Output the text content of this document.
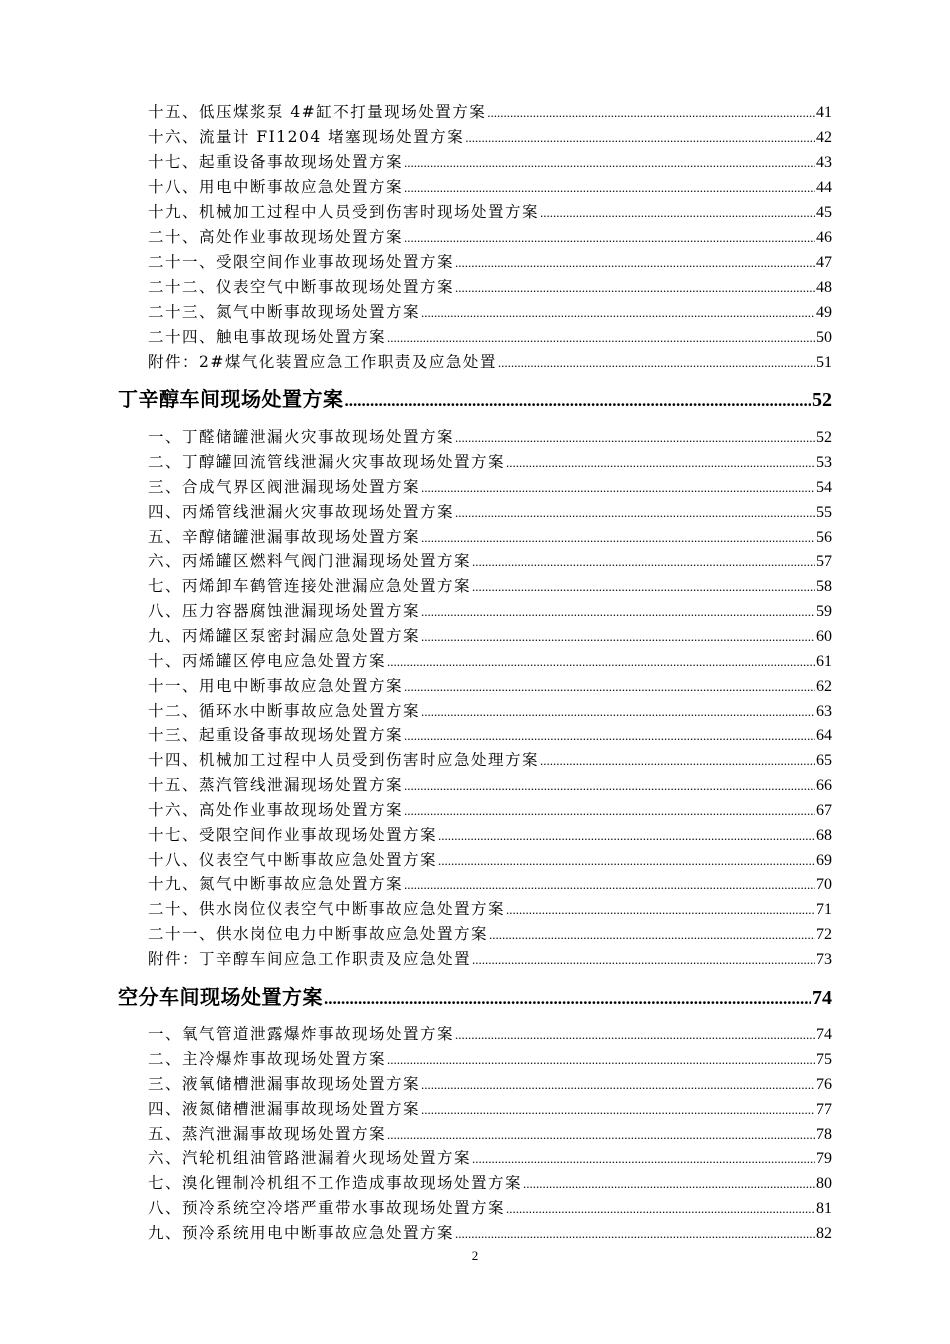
十五、低压煤浆泵 4#缸不打量现场处置方案 .....	41
十六、流量计 FI1204 堵塞现场处置方案 .....	42
十七、起重设备事故现场处置方案 .....	43
十八、用电中断事故应急处置方案 .....	44
十九、机械加工过程中人员受到伤害时现场处置方案 .....	45
二十、高处作业事故现场处置方案 .....	46
二十一、受限空间作业事故现场处置方案 .....	47
二十二、仪表空气中断事故现场处置方案 .....	48
二十三、氮气中断事故现场处置方案 .....	49
二十四、触电事故现场处置方案 .....	50
附件：2#煤气化装置应急工作职责及应急处置 .....	51
丁辛醇车间现场处置方案 .....	52
一、丁醛储罐泄漏火灾事故现场处置方案 .....	52
二、丁醇罐回流管线泄漏火灾事故现场处置方案 .....	53
三、合成气界区阀泄漏现场处置方案 .....	54
四、丙烯管线泄漏火灾事故现场处置方案 .....	55
五、辛醇储罐泄漏事故现场处置方案 .....	56
六、丙烯罐区燃料气阀门泄漏现场处置方案 .....	57
七、丙烯卸车鹤管连接处泄漏应急处置方案 .....	58
八、压力容器腐蚀泄漏现场处置方案 .....	59
九、丙烯罐区泵密封漏应急处置方案 .....	60
十、丙烯罐区停电应急处置方案 .....	61
十一、用电中断事故应急处置方案 .....	62
十二、循环水中断事故应急处置方案 .....	63
十三、起重设备事故现场处置方案 .....	64
十四、机械加工过程中人员受到伤害时应急处理方案 .....	65
十五、蒸汽管线泄漏现场处置方案 .....	66
十六、高处作业事故现场处置方案 .....	67
十七、受限空间作业事故现场处置方案 .....	68
十八、仪表空气中断事故应急处置方案 .....	69
十九、氮气中断事故应急处置方案 .....	70
二十、供水岗位仪表空气中断事故应急处置方案 .....	71
二十一、供水岗位电力中断事故应急处置方案 .....	72
附件：丁辛醇车间应急工作职责及应急处置 .....	73
空分车间现场处置方案 .....	74
一、氧气管道泄露爆炸事故现场处置方案 .....	74
二、主冷爆炸事故现场处置方案 .....	75
三、液氧储槽泄漏事故现场处置方案 .....	76
四、液氮储槽泄漏事故现场处置方案 .....	77
五、蒸汽泄漏事故现场处置方案 .....	78
六、汽轮机组油管路泄漏着火现场处置方案 .....	79
七、溴化锂制冷机组不工作造成事故现场处置方案 .....	80
八、预冷系统空冷塔严重带水事故现场处置方案 .....	81
九、预冷系统用电中断事故应急处置方案 .....	82
2
